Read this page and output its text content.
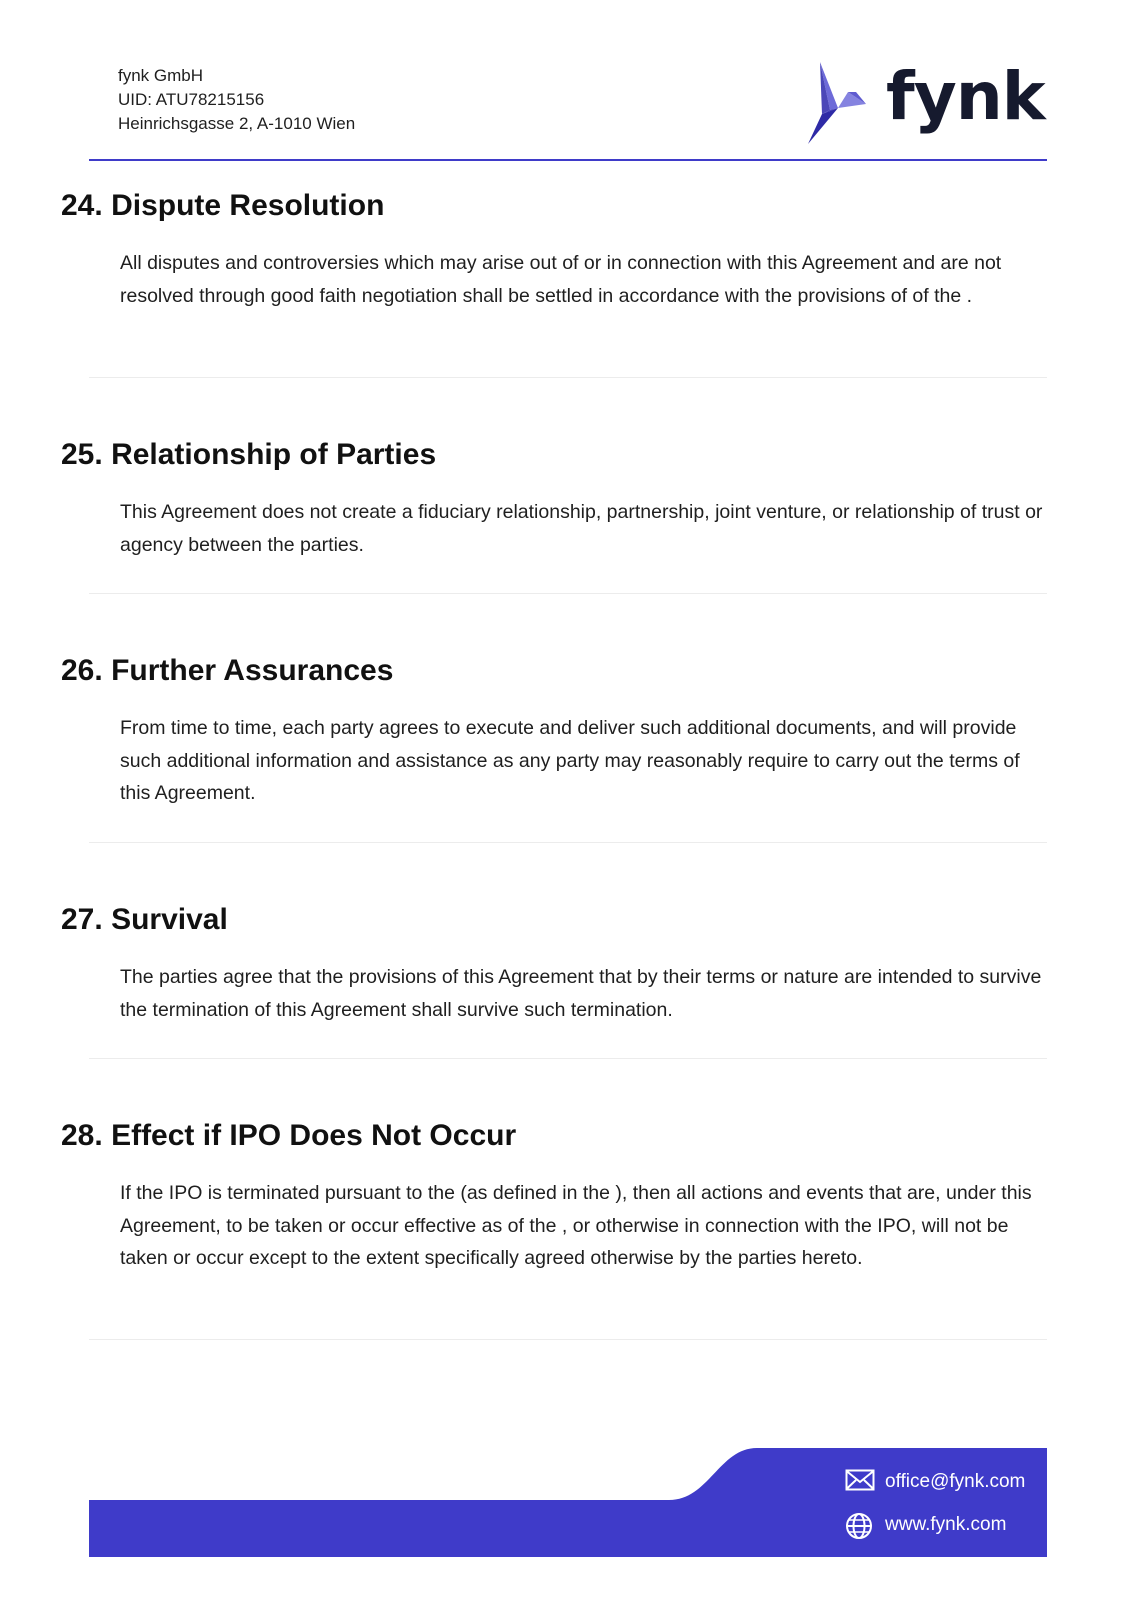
fynk GmbH
UID: ATU78215156
Heinrichsgasse 2, A-1010 Wien	fynk
24. Dispute Resolution

All disputes and controversies which may arise out of or in connection with this Agreement and are not resolved through good faith negotiation shall be settled in accordance with the provisions of of the .

25. Relationship of Parties

This Agreement does not create a fiduciary relationship, partnership, joint venture, or relationship of trust or agency between the parties.

26. Further Assurances

From time to time, each party agrees to execute and deliver such additional documents, and will provide such additional information and assistance as any party may reasonably require to carry out the terms of this Agreement.

27. Survival

The parties agree that the provisions of this Agreement that by their terms or nature are intended to survive the termination of this Agreement shall survive such termination.

28. Effect if IPO Does Not Occur

If the IPO is terminated pursuant to the (as defined in the ), then all actions and events that are, under this Agreement, to be taken or occur effective as of the , or otherwise in connection with the IPO, will not be taken or occur except to the extent specifically agreed otherwise by the parties hereto.

office@fynk.com
www.fynk.com
